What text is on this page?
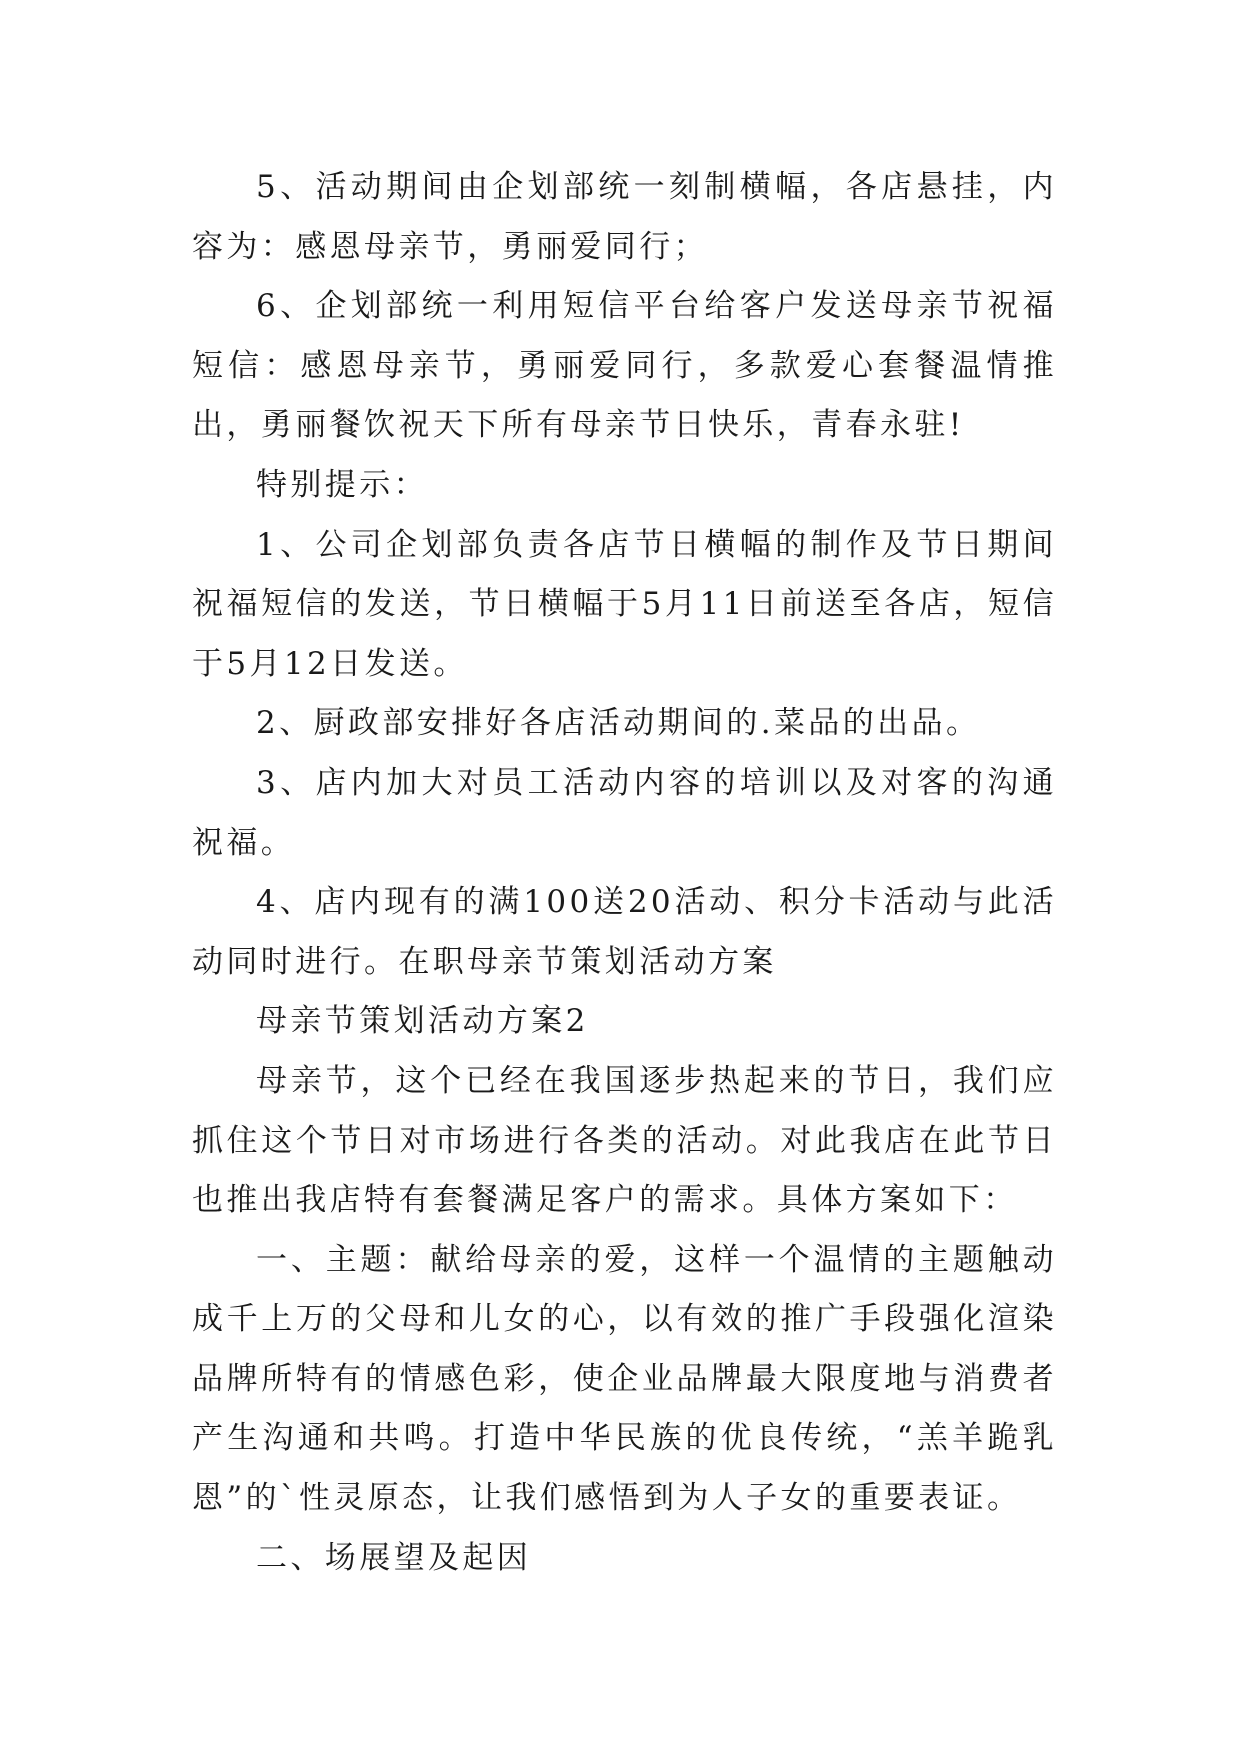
5、活动期间由企划部统一刻制横幅，各店悬挂，内容为：感恩母亲节，勇丽爱同行；

6、企划部统一利用短信平台给客户发送母亲节祝福短信：感恩母亲节，勇丽爱同行，多款爱心套餐温情推出，勇丽餐饮祝天下所有母亲节日快乐，青春永驻!

特别提示：

1、公司企划部负责各店节日横幅的制作及节日期间祝福短信的发送，节日横幅于5月11日前送至各店，短信于5月12日发送。

2、厨政部安排好各店活动期间的.菜品的出品。

3、店内加大对员工活动内容的培训以及对客的沟通祝福。

4、店内现有的满100送20活动、积分卡活动与此活动同时进行。在职母亲节策划活动方案

母亲节策划活动方案2

母亲节，这个已经在我国逐步热起来的节日，我们应抓住这个节日对市场进行各类的活动。对此我店在此节日也推出我店特有套餐满足客户的需求。具体方案如下：

一、主题：献给母亲的爱，这样一个温情的主题触动成千上万的父母和儿女的心，以有效的推广手段强化渲染品牌所特有的情感色彩，使企业品牌最大限度地与消费者产生沟通和共鸣。打造中华民族的优良传统，“羔羊跪乳恩”的`性灵原态，让我们感悟到为人子女的重要表证。

二、场展望及起因
